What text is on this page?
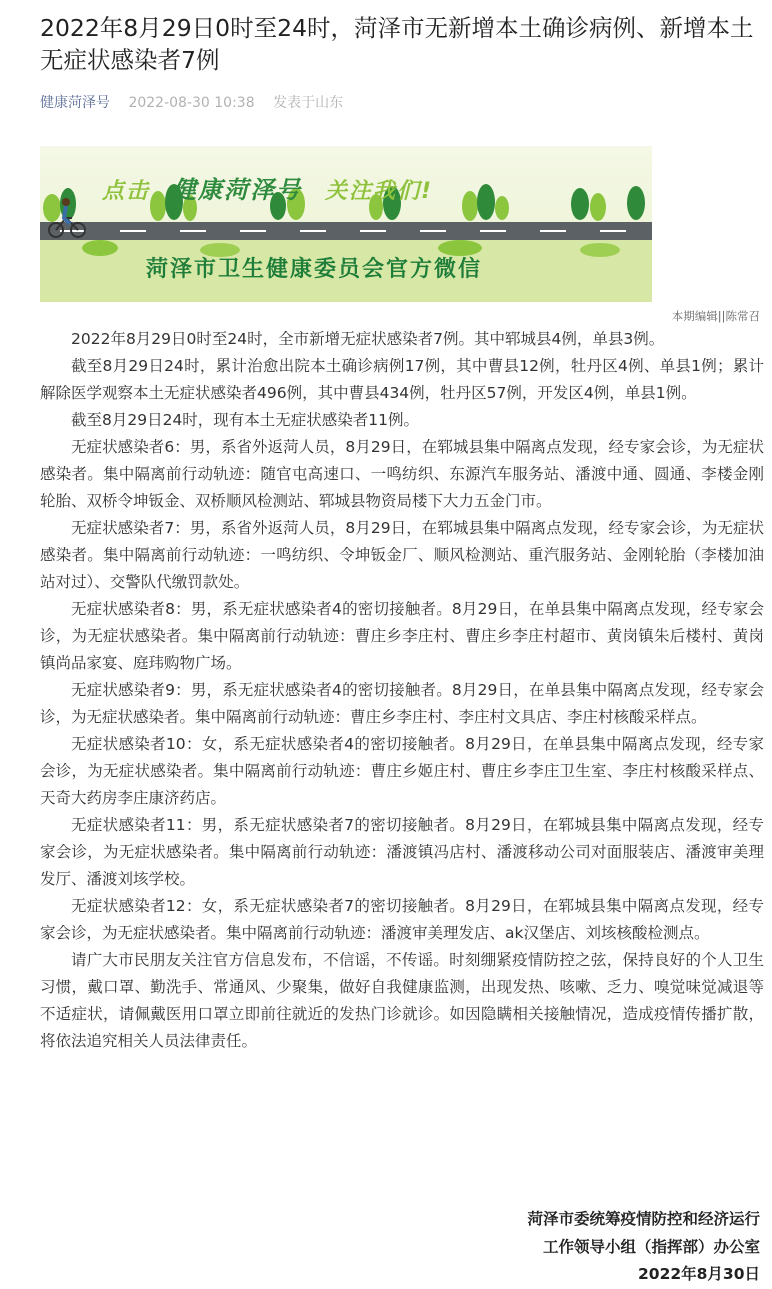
2022年8月29日0时至24时，菏泽市无新增本土确诊病例、新增本土无症状感染者7例
健康菏泽号 2022-08-30 10:38 发表于山东
点击 健康菏泽号 关注我们!
菏泽市卫生健康委员会官方微信
本期编辑||陈常召

2022年8月29日0时至24时，全市新增无症状感染者7例。其中郓城县4例，单县3例。

截至8月29日24时，累计治愈出院本土确诊病例17例，其中曹县12例，牡丹区4例、单县1例；累计解除医学观察本土无症状感染者496例，其中曹县434例，牡丹区57例，开发区4例，单县1例。

截至8月29日24时，现有本土无症状感染者11例。

无症状感染者6：男，系省外返菏人员，8月29日，在郓城县集中隔离点发现，经专家会诊，为无症状感染者。集中隔离前行动轨迹：随官屯高速口、一鸣纺织、东源汽车服务站、潘渡中通、圆通、李楼金刚轮胎、双桥令坤钣金、双桥顺风检测站、郓城县物资局楼下大力五金门市。

无症状感染者7：男，系省外返菏人员，8月29日，在郓城县集中隔离点发现，经专家会诊，为无症状感染者。集中隔离前行动轨迹：一鸣纺织、令坤钣金厂、顺风检测站、重汽服务站、金刚轮胎（李楼加油站对过）、交警队代缴罚款处。

无症状感染者8：男，系无症状感染者4的密切接触者。8月29日，在单县集中隔离点发现，经专家会诊，为无症状感染者。集中隔离前行动轨迹：曹庄乡李庄村、曹庄乡李庄村超市、黄岗镇朱后楼村、黄岗镇尚品家宴、庭玮购物广场。

无症状感染者9：男，系无症状感染者4的密切接触者。8月29日，在单县集中隔离点发现，经专家会诊，为无症状感染者。集中隔离前行动轨迹：曹庄乡李庄村、李庄村文具店、李庄村核酸采样点。

无症状感染者10：女，系无症状感染者4的密切接触者。8月29日，在单县集中隔离点发现，经专家会诊，为无症状感染者。集中隔离前行动轨迹：曹庄乡姬庄村、曹庄乡李庄卫生室、李庄村核酸采样点、天奇大药房李庄康济药店。

无症状感染者11：男，系无症状感染者7的密切接触者。8月29日，在郓城县集中隔离点发现，经专家会诊，为无症状感染者。集中隔离前行动轨迹：潘渡镇冯店村、潘渡移动公司对面服装店、潘渡审美理发厅、潘渡刘垓学校。

无症状感染者12：女，系无症状感染者7的密切接触者。8月29日，在郓城县集中隔离点发现，经专家会诊，为无症状感染者。集中隔离前行动轨迹：潘渡审美理发店、ak汉堡店、刘垓核酸检测点。

请广大市民朋友关注官方信息发布，不信谣，不传谣。时刻绷紧疫情防控之弦，保持良好的个人卫生习惯，戴口罩、勤洗手、常通风、少聚集，做好自我健康监测，出现发热、咳嗽、乏力、嗅觉味觉减退等不适症状，请佩戴医用口罩立即前往就近的发热门诊就诊。如因隐瞒相关接触情况，造成疫情传播扩散，将依法追究相关人员法律责任。

菏泽市委统筹疫情防控和经济运行
工作领导小组（指挥部）办公室
2022年8月30日
